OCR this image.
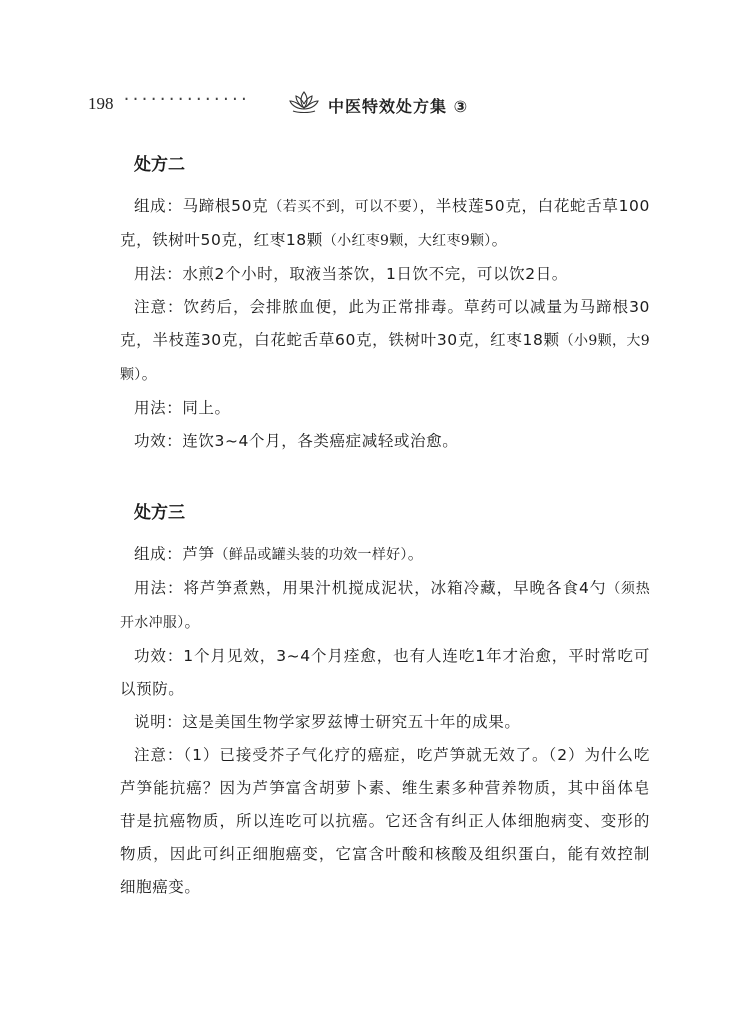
198 ··············	中医特效处方集 ③
处方二

组成：马蹄根50克（若买不到，可以不要），半枝莲50克，白花蛇舌草100克，铁树叶50克，红枣18颗（小红枣9颗，大红枣9颗）。

用法：水煎2个小时，取液当茶饮，1日饮不完，可以饮2日。

注意：饮药后，会排脓血便，此为正常排毒。草药可以减量为马蹄根30克，半枝莲30克，白花蛇舌草60克，铁树叶30克，红枣18颗（小9颗，大9颗）。

用法：同上。

功效：连饮3~4个月，各类癌症减轻或治愈。

处方三

组成：芦笋（鲜品或罐头装的功效一样好）。

用法：将芦笋煮熟，用果汁机搅成泥状，冰箱冷藏，早晚各食4勺（须热开水冲服）。

功效：1个月见效，3~4个月痊愈，也有人连吃1年才治愈，平时常吃可以预防。

说明：这是美国生物学家罗兹博士研究五十年的成果。

注意：（1）已接受芥子气化疗的癌症，吃芦笋就无效了。（2）为什么吃芦笋能抗癌？因为芦笋富含胡萝卜素、维生素多种营养物质，其中甾体皂苷是抗癌物质，所以连吃可以抗癌。它还含有纠正人体细胞病变、变形的物质，因此可纠正细胞癌变，它富含叶酸和核酸及组织蛋白，能有效控制细胞癌变。
